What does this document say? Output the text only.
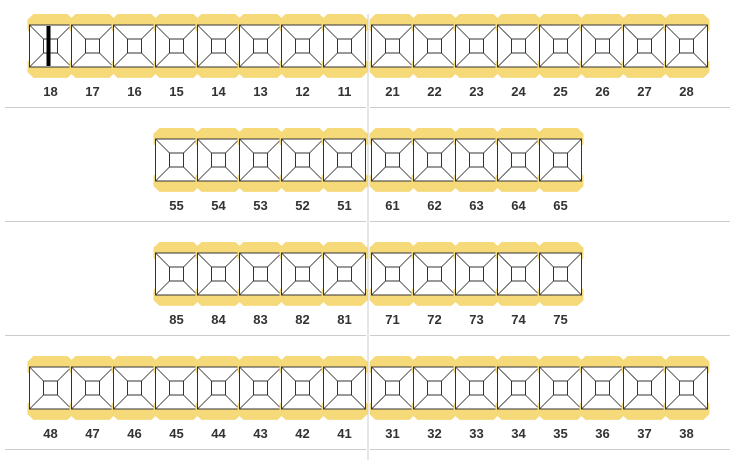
18 17 16 15 14 13 12 11	21 22 23 24 25 26 27 28
55 54 53 52 51	61 62 63 64 65
85 84 83 82 81	71 72 73 74 75
48 47 46 45 44 43 42 41	31 32 33 34 35 36 37 38
